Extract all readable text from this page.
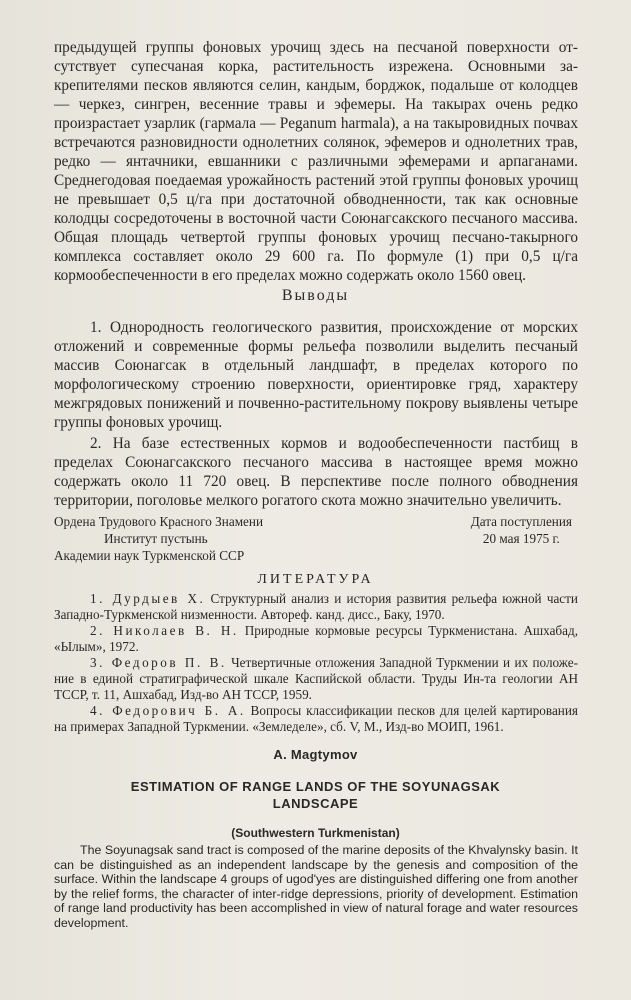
предыдущей группы фоновых урочищ здесь на песчаной поверхности отсутствует супесчаная корка, растительность изрежена. Основными закрепителями песков являются селин, кандым, борджок, подальше от колодцев — черкез, сингрен, весенние травы и эфемеры. На такырах очень редко произрастает узарлик (гармала — Peganum harmala), а на такыровидных почвах встречаются разновидности однолетних солянок, эфемеров и однолетних трав, редко — янтачники, евшанники с различными эфемерами и арпаганами. Среднегодовая поедаемая урожайность растений этой группы фоновых урочищ не превышает 0,5 ц/га при достаточной обводненности, так как основные колодцы сосредоточены в восточной части Союнагсакского песчаного массива. Общая площадь четвертой группы фоновых урочищ песчано-такырного комплекса составляет около 29 600 га. По формуле (1) при 0,5 ц/га кормообеспеченности в его пределах можно содержать около 1560 овец.

Выводы

1. Однородность геологического развития, происхождение от морских отложений и современные формы рельефа позволили выделить песчаный массив Союнагсак в отдельный ландшафт, в пределах которого по морфологическому строению поверхности, ориентировке гряд, характеру межгрядовых понижений и почвенно-растительному покрову выявлены четыре группы фоновых урочищ.

2. На базе естественных кормов и водообеспеченности пастбищ в пределах Союнагсакского песчаного массива в настоящее время можно содержать около 11 720 овец. В перспективе после полного обводнения территории, поголовье мелкого рогатого скота можно значительно увеличить.

Ордена Трудового Красного Знамени
Институт пустынь
Академии наук Туркменской ССР
Дата поступления
20 мая 1975 г.
ЛИТЕРАТУРА

1. Дурдыев Х. Структурный анализ и история развития рельефа южной части Западно-Туркменской низменности. Автореф. канд. дисс., Баку, 1970.

2. Николаев В. Н. Природные кормовые ресурсы Туркменистана. Ашхабад, «Ылым», 1972.

3. Федоров П. В. Четвертичные отложения Западной Туркмении и их положение в единой стратиграфической шкале Каспийской области. Труды Ин-та геологии АН ТССР, т. 11, Ашхабад, Изд-во АН ТССР, 1959.

4. Федорович Б. А. Вопросы классификации песков для целей картирования на примерах Западной Туркмении. «Земледеле», сб. V, М., Изд-во МОИП, 1961.

A. Magtymov
ESTIMATION OF RANGE LANDS OF THE SOYUNAGSAK
LANDSCAPE
(Southwestern Turkmenistan)

The Soyunagsak sand tract is composed of the marine deposits of the Khvalynsky basin. It can be distinguished as an independent landscape by the genesis and composition of the surface. Within the landscape 4 groups of ugod'yes are distinguished differing one from another by the relief forms, the character of inter-ridge depressions, priority of development. Estimation of range land productivity has been accomplished in view of natural forage and water resources development.
